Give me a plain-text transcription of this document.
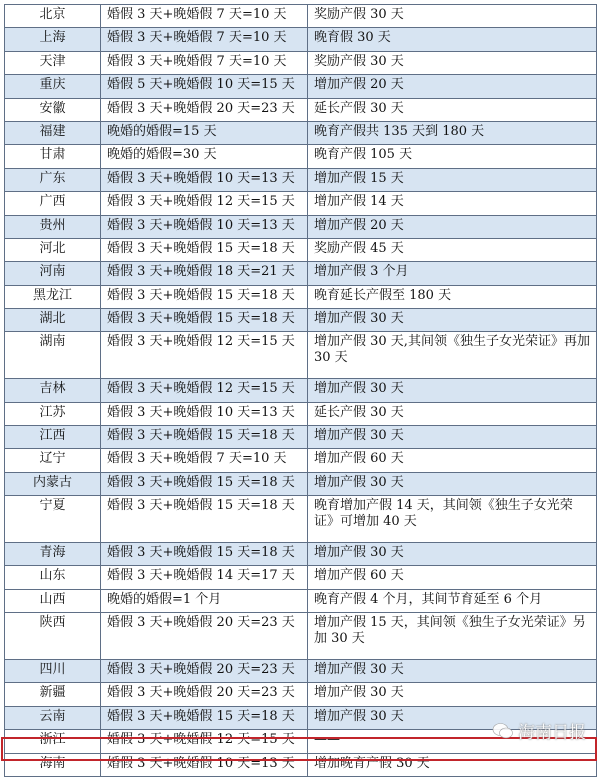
北京	婚假 3 天+晚婚假 7 天=10 天	奖励产假 30 天
上海	婚假 3 天+晚婚假 7 天=10 天	晚育假 30 天
天津	婚假 3 天+晚婚假 7 天=10 天	奖励产假 30 天
重庆	婚假 5 天+晚婚假 10 天=15 天	增加产假 20 天
安徽	婚假 3 天+晚婚假 20 天=23 天	延长产假 30 天
福建	晚婚的婚假=15 天	晚育产假共 135 天到 180 天
甘肃	晚婚的婚假=30 天	晚育产假 105 天
广东	婚假 3 天+晚婚假 10 天=13 天	增加产假 15 天
广西	婚假 3 天+晚婚假 12 天=15 天	增加产假 14 天
贵州	婚假 3 天+晚婚假 10 天=13 天	增加产假 20 天
河北	婚假 3 天+晚婚假 15 天=18 天	奖励产假 45 天
河南	婚假 3 天+晚婚假 18 天=21 天	增加产假 3 个月
黑龙江	婚假 3 天+晚婚假 15 天=18 天	晚育延长产假至 180 天
湖北	婚假 3 天+晚婚假 15 天=18 天	增加产假 30 天
湖南	婚假 3 天+晚婚假 12 天=15 天	增加产假 30 天,其间领《独生子女光荣证》再加 30 天
吉林	婚假 3 天+晚婚假 12 天=15 天	增加产假 30 天
江苏	婚假 3 天+晚婚假 10 天=13 天	延长产假 30 天
江西	婚假 3 天+晚婚假 15 天=18 天	增加产假 30 天
辽宁	婚假 3 天+晚婚假 7 天=10 天	增加产假 60 天
内蒙古	婚假 3 天+晚婚假 15 天=18 天	增加产假 30 天
宁夏	婚假 3 天+晚婚假 15 天=18 天	晚育增加产假 14 天，其间领《独生子女光荣证》可增加 40 天
青海	婚假 3 天+晚婚假 15 天=18 天	增加产假 30 天
山东	婚假 3 天+晚婚假 14 天=17 天	增加产假 60 天
山西	晚婚的婚假=1 个月	晚育产假 4 个月，其间节育延至 6 个月
陕西	婚假 3 天+晚婚假 20 天=23 天	增加产假 15 天，其间领《独生子女光荣证》另加 30 天
四川	婚假 3 天+晚婚假 20 天=23 天	增加产假 30 天
新疆	婚假 3 天+晚婚假 20 天=23 天	增加产假 30 天
云南	婚假 3 天+晚婚假 15 天=18 天	增加产假 30 天
浙江	婚假 3 天+晚婚假 12 天=15 天	——
海南	婚假 3 天+晚婚假 10 天=13 天	增加晚育产假 30 天
海南日报
